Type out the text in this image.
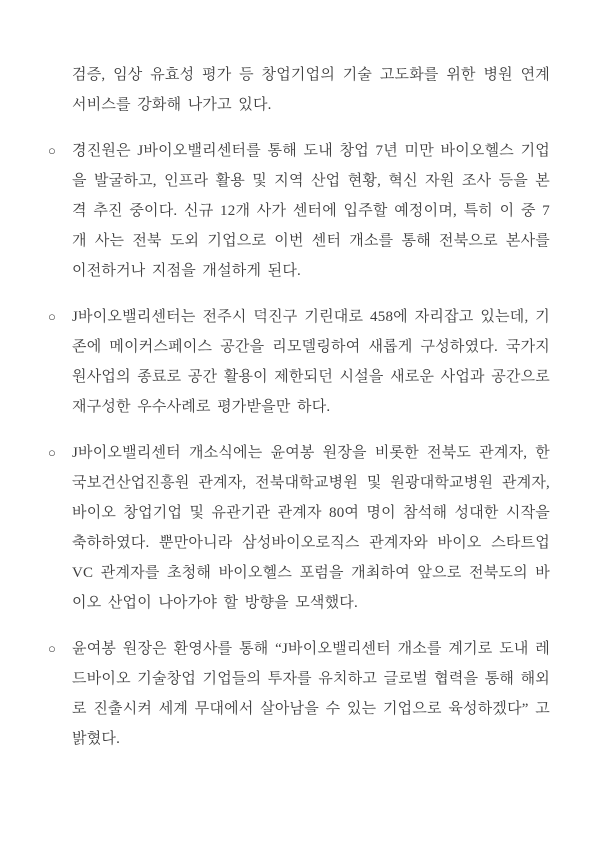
검증, 임상 유효성 평가 등 창업기업의 기술 고도화를 위한 병원 연계 서비스를 강화해 나가고 있다.

○	경진원은 J바이오밸리센터를 통해 도내 창업 7년 미만 바이오헬스 기업을 발굴하고, 인프라 활용 및 지역 산업 현황, 혁신 자원 조사 등을 본격 추진 중이다. 신규 12개 사가 센터에 입주할 예정이며, 특히 이 중 7개 사는 전북 도외 기업으로 이번 센터 개소를 통해 전북으로 본사를 이전하거나 지점을 개설하게 된다.

○	J바이오밸리센터는 전주시 덕진구 기린대로 458에 자리잡고 있는데, 기존에 메이커스페이스 공간을 리모델링하여 새롭게 구성하였다. 국가지원사업의 종료로 공간 활용이 제한되던 시설을 새로운 사업과 공간으로 재구성한 우수사례로 평가받을만 하다.

○	J바이오밸리센터 개소식에는 윤여봉 원장을 비롯한 전북도 관계자, 한국보건산업진흥원 관계자, 전북대학교병원 및 원광대학교병원 관계자, 바이오 창업기업 및 유관기관 관계자 80여 명이 참석해 성대한 시작을 축하하였다. 뿐만아니라 삼성바이오로직스 관계자와 바이오 스타트업 VC 관계자를 초청해 바이오헬스 포럼을 개최하여 앞으로 전북도의 바이오 산업이 나아가야 할 방향을 모색했다.

○	윤여봉 원장은 환영사를 통해 “J바이오밸리센터 개소를 계기로 도내 레드바이오 기술창업 기업들의 투자를 유치하고 글로벌 협력을 통해 해외로 진출시켜 세계 무대에서 살아남을 수 있는 기업으로 육성하겠다” 고 밝혔다.
